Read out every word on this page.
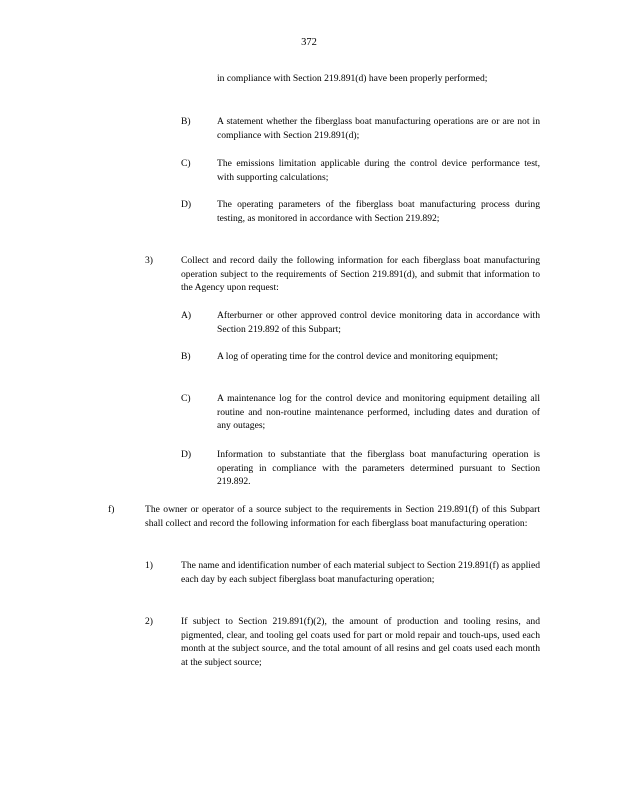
372
in compliance with Section 219.891(d) have been properly performed;
B)	A statement whether the fiberglass boat manufacturing operations are or are not in compliance with Section 219.891(d);
C)	The emissions limitation applicable during the control device performance test, with supporting calculations;
D)	The operating parameters of the fiberglass boat manufacturing process during testing, as monitored in accordance with Section 219.892;
3)	Collect and record daily the following information for each fiberglass boat manufacturing operation subject to the requirements of Section 219.891(d), and submit that information to the Agency upon request:
A)	Afterburner or other approved control device monitoring data in accordance with Section 219.892 of this Subpart;
B)	A log of operating time for the control device and monitoring equipment;
C)	A maintenance log for the control device and monitoring equipment detailing all routine and non-routine maintenance performed, including dates and duration of any outages;
D)	Information to substantiate that the fiberglass boat manufacturing operation is operating in compliance with the parameters determined pursuant to Section 219.892.
f)	The owner or operator of a source subject to the requirements in Section 219.891(f) of this Subpart shall collect and record the following information for each fiberglass boat manufacturing operation:
1)	The name and identification number of each material subject to Section 219.891(f) as applied each day by each subject fiberglass boat manufacturing operation;
2)	If subject to Section 219.891(f)(2), the amount of production and tooling resins, and pigmented, clear, and tooling gel coats used for part or mold repair and touch-ups, used each month at the subject source, and the total amount of all resins and gel coats used each month at the subject source;
